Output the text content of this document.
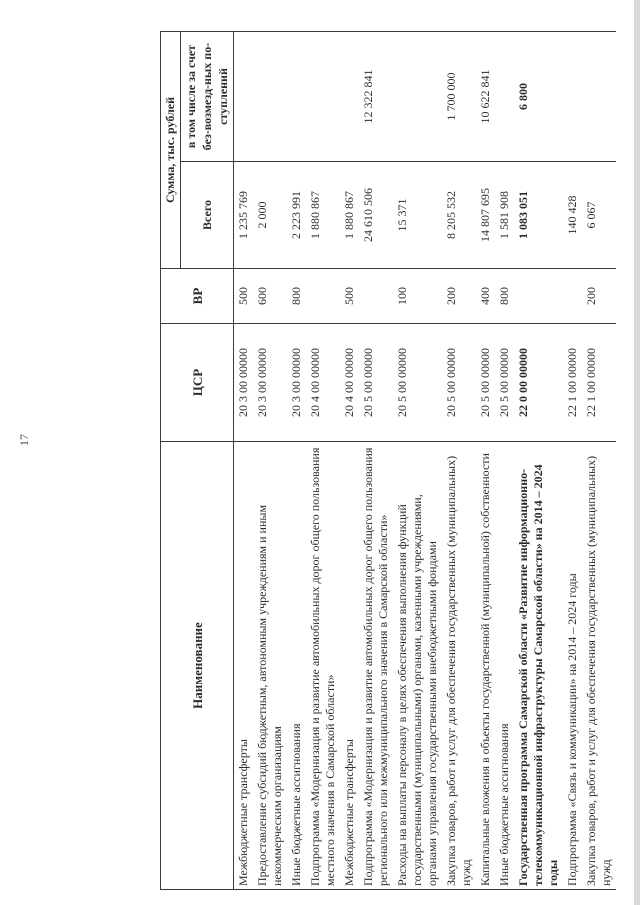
17
Наименование	ЦСР	ВР	Сумма, тыс. рублей	
			Всего	в том числе за счет без-возмезд-ных по-ступлений
Межбюджетные трансферты	20 3 00 00000	500	1 235 769	
Предоставление субсидий бюджетным, автономным учреждениям и иным некоммерческим организациям	20 3 00 00000	600	2 000	
Иные бюджетные ассигнования	20 3 00 00000	800	2 223 991	
Подпрограмма «Модернизация и развитие автомобильных дорог общего пользования местного значения в Самарской области»	20 4 00 00000		1 880 867	
Межбюджетные трансферты	20 4 00 00000	500	1 880 867	
Подпрограмма «Модернизация и развитие автомобильных дорог общего пользования регионального или межмуниципального значения в Самарской области»	20 5 00 00000		24 610 506	12 322 841
Расходы на выплаты персоналу в целях обеспечения выполнения функций государственными (муниципальными) органами, казенными учреждениями, органами управления государственными внебюджетными фондами	20 5 00 00000	100	15 371	
Закупка товаров, работ и услуг для обеспечения государственных (муниципальных) нужд	20 5 00 00000	200	8 205 532	1 700 000
Капитальные вложения в объекты государственной (муниципальной) собственности	20 5 00 00000	400	14 807 695	10 622 841
Иные бюджетные ассигнования	20 5 00 00000	800	1 581 908	
Государственная программа Самарской области «Развитие информационно-телекоммуникационной инфраструктуры Самарской области» на 2014 – 2024 годы	22 0 00 00000		1 083 051	6 800
Подпрограмма «Связь и коммуникации» на 2014 – 2024 годы	22 1 00 00000		140 428	
Закупка товаров, работ и услуг для обеспечения государственных (муниципальных) нужд	22 1 00 00000	200	6 067	
